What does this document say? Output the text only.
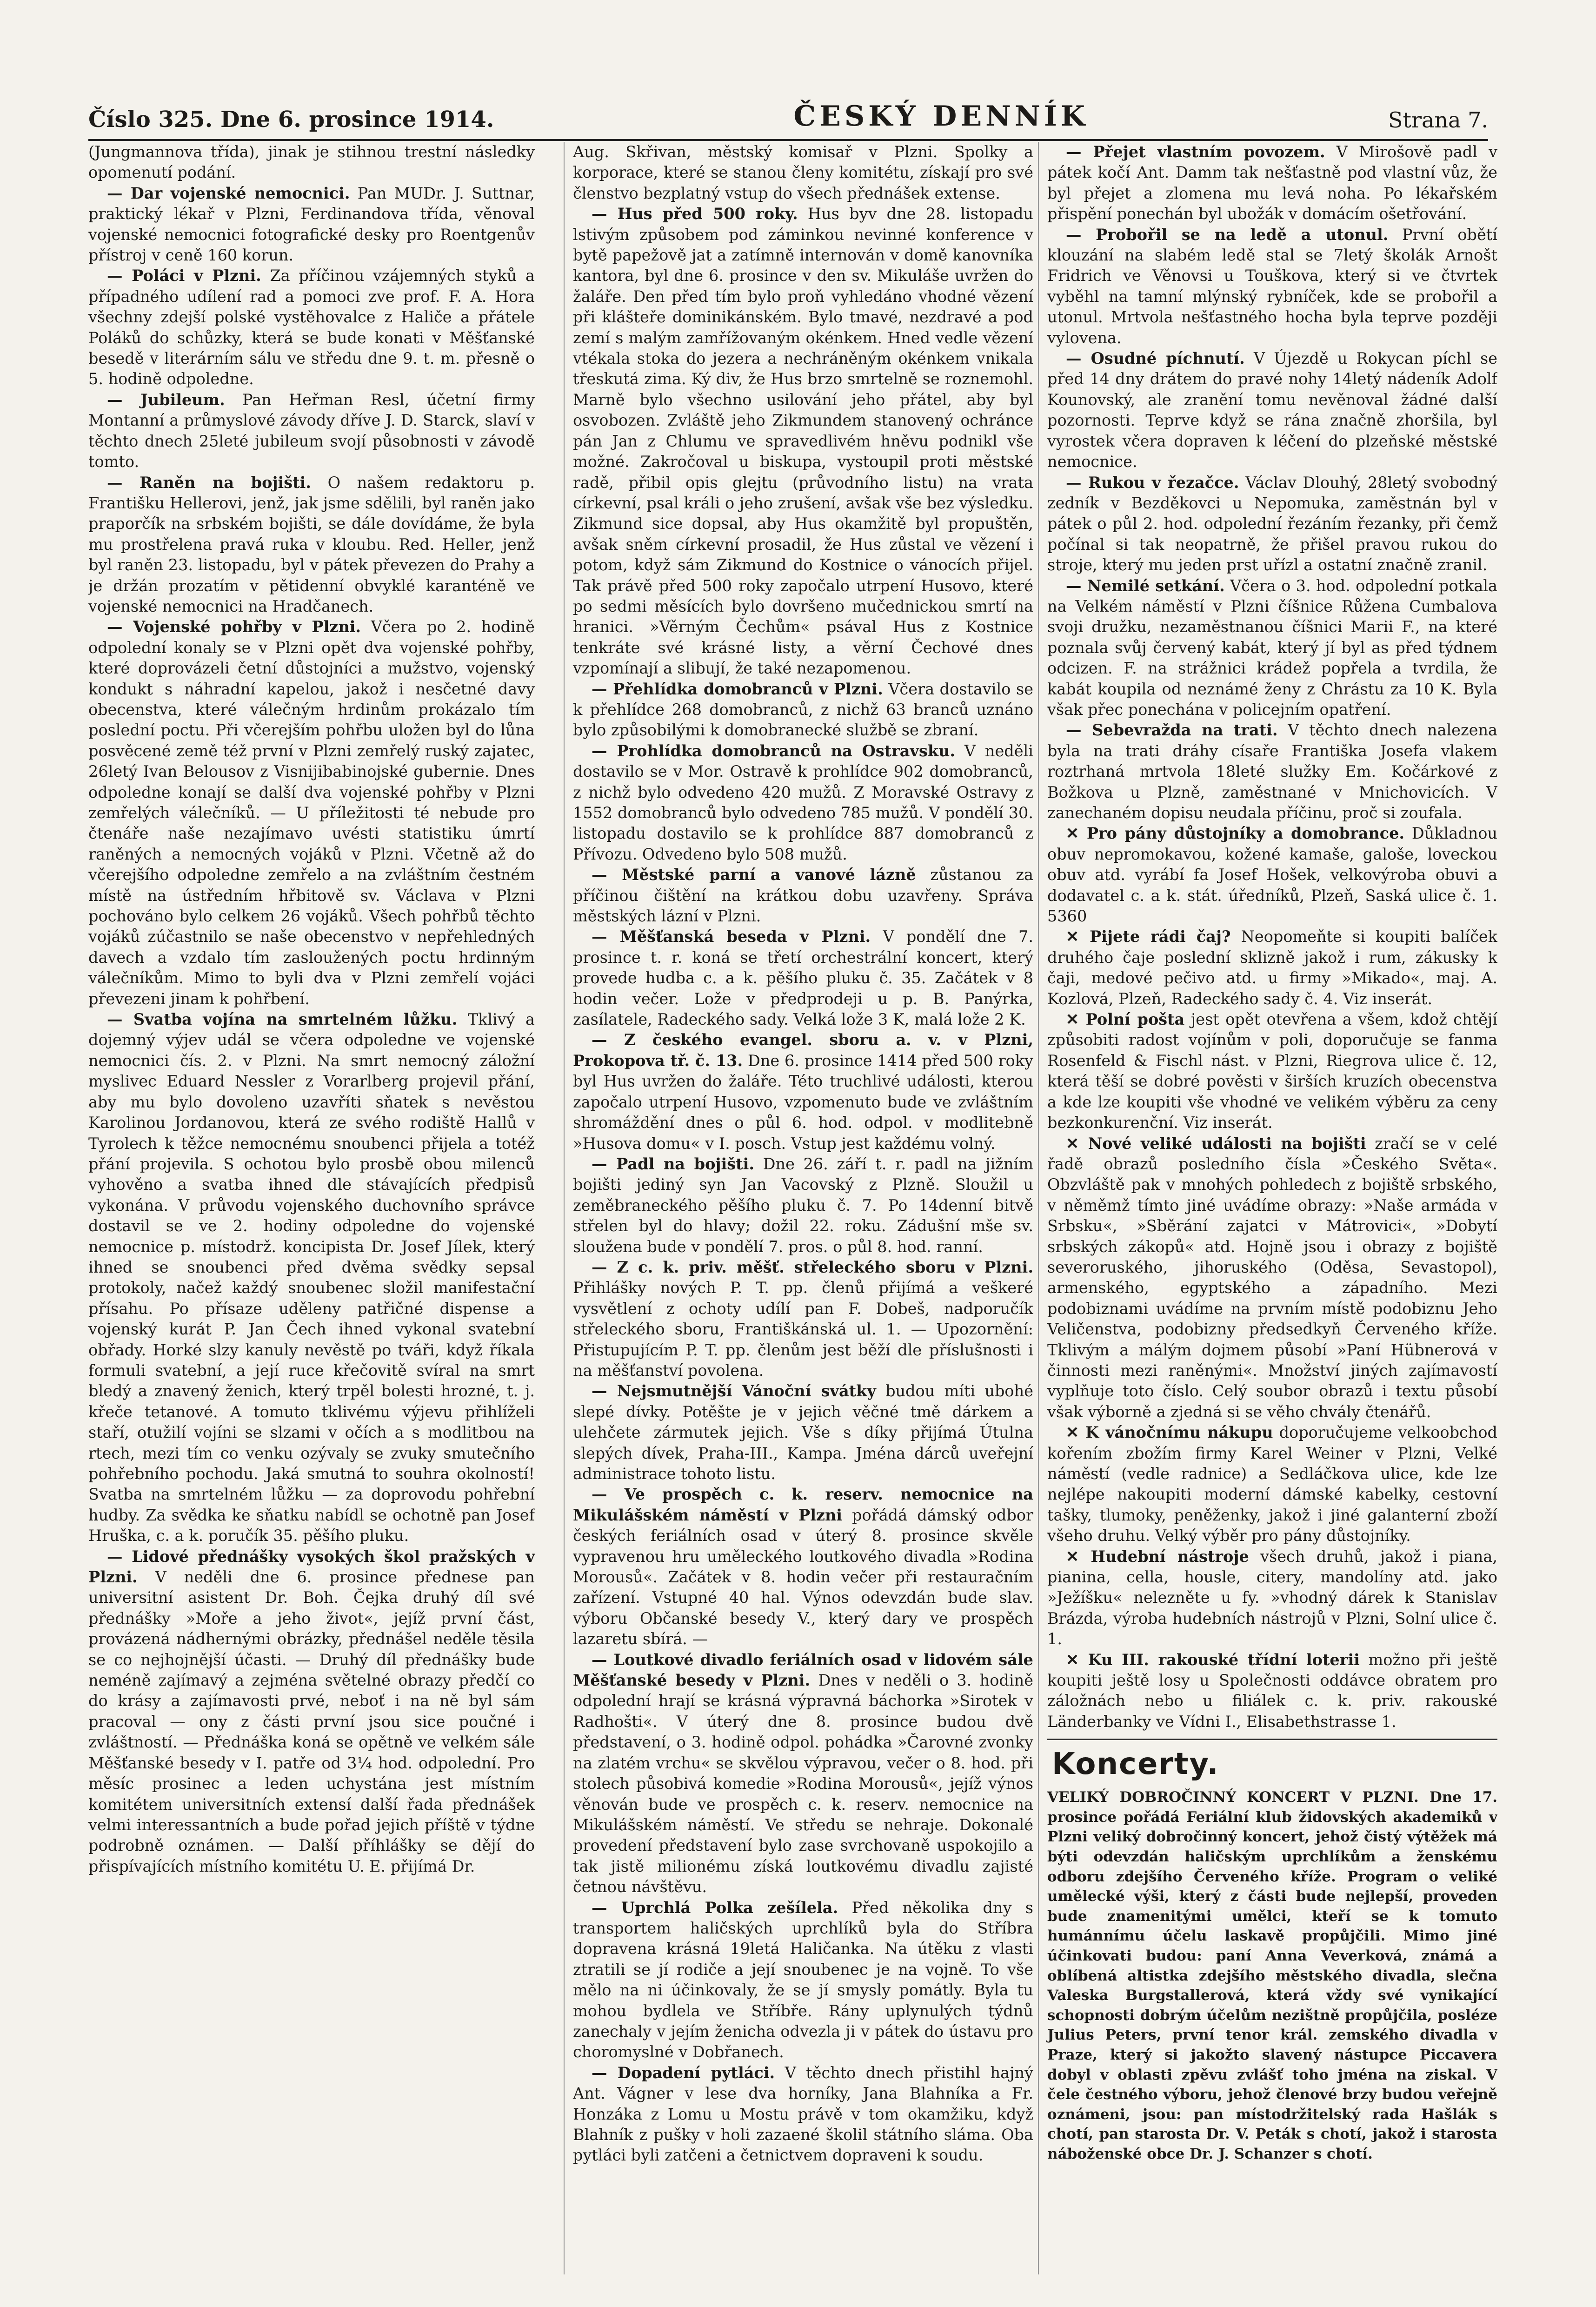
Číslo 325. Dne 6. prosince 1914.	ČESKÝ DENNÍK	Strana 7.

(Jungmannova třída), jinak je stihnou trestní následky opomenutí podání.

— Dar vojenské nemocnici. Pan MUDr. J. Suttnar, praktický lékař v Plzni, Ferdinandova třída, věnoval vojenské nemocnici fotografické desky pro Roentgenův přístroj v ceně 160 korun.

— Poláci v Plzni. Za příčinou vzájemných styků a případného udílení rad a pomoci zve prof. F. A. Hora všechny zdejší polské vystěhovalce z Haliče a přátele Poláků do schůzky, která se bude konati v Měšťanské besedě v literárním sálu ve středu dne 9. t. m. přesně o 5. hodině odpoledne.

— Jubileum. Pan Heřman Resl, účetní firmy Montanní a průmyslové závody dříve J. D. Starck, slaví v těchto dnech 25leté jubileum svojí působnosti v závodě tomto.

— Raněn na bojišti. O našem redaktoru p. Františku Hellerovi, jenž, jak jsme sdělili, byl raněn jako praporčík na srbském bojišti, se dále dovídáme, že byla mu prostřelena pravá ruka v kloubu. Red. Heller, jenž byl raněn 23. listopadu, byl v pátek převezen do Prahy a je držán prozatím v pětidenní obvyklé karanténě ve vojenské nemocnici na Hradčanech.

— Vojenské pohřby v Plzni. Včera po 2. hodině odpolední konaly se v Plzni opět dva vojenské pohřby, které doprovázeli četní důstojníci a mužstvo, vojenský kondukt s náhradní kapelou, jakož i nesčetné davy obecenstva, které válečným hrdinům prokázalo tím poslední poctu. Při včerejším pohřbu uložen byl do lůna posvěcené země též první v Plzni zemřelý ruský zajatec, 26letý Ivan Belousov z Visnijibabinojské gubernie. Dnes odpoledne konají se další dva vojenské pohřby v Plzni zemřelých válečníků. — U příležitosti té nebude pro čtenáře naše nezajímavo uvésti statistiku úmrtí raněných a nemocných vojáků v Plzni. Včetně až do včerejšího odpoledne zemřelo a na zvláštním čestném místě na ústředním hřbitově sv. Václava v Plzni pochováno bylo celkem 26 vojáků. Všech pohřbů těchto vojáků zúčastnilo se naše obecenstvo v nepřehledných davech a vzdalo tím zasloužených poctu hrdinným válečníkům. Mimo to byli dva v Plzni zemřelí vojáci převezeni jinam k pohřbení.

— Svatba vojína na smrtelném lůžku. Tklivý a dojemný výjev udál se včera odpoledne ve vojenské nemocnici čís. 2. v Plzni. Na smrt nemocný záložní myslivec Eduard Nessler z Vorarlberg projevil přání, aby mu bylo dovoleno uzavříti sňatek s nevěstou Karolinou Jordanovou, která ze svého rodiště Hallů v Tyrolech k těžce nemocnému snoubenci přijela a totéž přání projevila. S ochotou bylo prosbě obou milenců vyhověno a svatba ihned dle stávajících předpisů vykonána. V průvodu vojenského duchovního správce dostavil se ve 2. hodiny odpoledne do vojenské nemocnice p. místodrž. koncipista Dr. Josef Jílek, který ihned se snoubenci před dvěma svědky sepsal protokoly, načež každý snoubenec složil manifestační přísahu. Po přísaze uděleny patřičné dispense a vojenský kurát P. Jan Čech ihned vykonal svatební obřady. Horké slzy kanuly nevěstě po tváři, když říkala formuli svatební, a její ruce křečovitě svíral na smrt bledý a znavený ženich, který trpěl bolesti hrozné, t. j. křeče tetanové. A tomuto tklivému výjevu přihlíželi staří, otužilí vojíni se slzami v očích a s modlitbou na rtech, mezi tím co venku ozývaly se zvuky smutečního pohřebního pochodu. Jaká smutná to souhra okolností! Svatba na smrtelném lůžku — za doprovodu pohřební hudby. Za svědka ke sňatku nabídl se ochotně pan Josef Hruška, c. a k. poručík 35. pěšího pluku.

— Lidové přednášky vysokých škol pražských v Plzni. V neděli dne 6. prosince přednese pan universitní asistent Dr. Boh. Čejka druhý díl své přednášky »Moře a jeho život«, jejíž první část, provázená nádhernými obrázky, přednášel neděle těsila se co nejhojnější účasti. — Druhý díl přednášky bude neméně zajímavý a zejména světelné obrazy předčí co do krásy a zajímavosti prvé, neboť i na ně byl sám pracoval — ony z části první jsou sice poučné i zvláštností. — Přednáška koná se opětně ve velkém sále Měšťanské besedy v I. patře od 3¼ hod. odpolední. Pro měsíc prosinec a leden uchystána jest místním komitétem universitních extensí další řada přednášek velmi interessantních a bude pořad jejich příště v týdne podrobně oznámen. — Další příhlášky se dějí do přispívajících místního komitétu U. E. přijímá Dr.

Aug. Skřivan, městský komisař v Plzni. Spolky a korporace, které se stanou členy komitétu, získají pro své členstvo bezplatný vstup do všech přednášek extense.

— Hus před 500 roky. Hus byv dne 28. listopadu lstivým způsobem pod záminkou nevinné konference v bytě papežově jat a zatímně internován v domě kanovníka kantora, byl dne 6. prosince v den sv. Mikuláše uvržen do žaláře. Den před tím bylo proň vyhledáno vhodné vězení při klášteře dominikánském. Bylo tmavé, nezdravé a pod zemí s malým zamřížovaným okénkem. Hned vedle vězení vtékala stoka do jezera a nechráněným okénkem vnikala třeskutá zima. Ký div, že Hus brzo smrtelně se roznemohl. Marně bylo všechno usilování jeho přátel, aby byl osvobozen. Zvláště jeho Zikmundem stanovený ochránce pán Jan z Chlumu ve spravedlivém hněvu podnikl vše možné. Zakročoval u biskupa, vystoupil proti městské radě, přibil opis glejtu (průvodního listu) na vrata církevní, psal králi o jeho zrušení, avšak vše bez výsledku. Zikmund sice dopsal, aby Hus okamžitě byl propuštěn, avšak sněm církevní prosadil, že Hus zůstal ve vězení i potom, když sám Zikmund do Kostnice o vánocích přijel. Tak právě před 500 roky započalo utrpení Husovo, které po sedmi měsících bylo dovršeno mučednickou smrtí na hranici. »Věrným Čechům« psával Hus z Kostnice tenkráte své krásné listy, a věrní Čechové dnes vzpomínají a slibují, že také nezapomenou.

— Přehlídka domobranců v Plzni. Včera dostavilo se k přehlídce 268 domobranců, z nichž 63 branců uznáno bylo způsobilými k domobranecké službě se zbraní.

— Prohlídka domobranců na Ostravsku. V neděli dostavilo se v Mor. Ostravě k prohlídce 902 domobranců, z nichž bylo odvedeno 420 mužů. Z Moravské Ostravy z 1552 domobranců bylo odvedeno 785 mužů. V pondělí 30. listopadu dostavilo se k prohlídce 887 domobranců z Přívozu. Odvedeno bylo 508 mužů.

— Městské parní a vanové lázně zůstanou za příčinou čištění na krátkou dobu uzavřeny. Správa městských lázní v Plzni.

— Měšťanská beseda v Plzni. V pondělí dne 7. prosince t. r. koná se třetí orchestrální koncert, který provede hudba c. a k. pěšího pluku č. 35. Začátek v 8 hodin večer. Lože v předprodeji u p. B. Panýrka, zasílatele, Radeckého sady. Velká lože 3 K, malá lože 2 K.

— Z českého evangel. sboru a. v. v Plzni, Prokopova tř. č. 13. Dne 6. prosince 1414 před 500 roky byl Hus uvržen do žaláře. Této truchlivé události, kterou započalo utrpení Husovo, vzpomenuto bude ve zvláštním shromáždění dnes o půl 6. hod. odpol. v modlitebně »Husova domu« v I. posch. Vstup jest každému volný.

— Padl na bojišti. Dne 26. září t. r. padl na jižním bojišti jediný syn Jan Vacovský z Plzně. Sloužil u zeměbraneckého pěšího pluku č. 7. Po 14denní bitvě střelen byl do hlavy; dožil 22. roku. Zádušní mše sv. sloužena bude v pondělí 7. pros. o půl 8. hod. ranní.

— Z c. k. priv. měšť. střeleckého sboru v Plzni. Přihlášky nových P. T. pp. členů přijímá a veškeré vysvětlení z ochoty udílí pan F. Dobeš, nadporučík střeleckého sboru, Františkánská ul. 1. — Upozornění: Přistupujícím P. T. pp. členům jest běží dle příslušnosti i na měšťanství povolena.

— Nejsmutnější Vánoční svátky budou míti ubohé slepé dívky. Potěšte je v jejich věčné tmě dárkem a ulehčete zármutek jejich. Vše s díky přijímá Útulna slepých dívek, Praha-III., Kampa. Jména dárců uveřejní administrace tohoto listu.

— Ve prospěch c. k. reserv. nemocnice na Mikulášském náměstí v Plzni pořádá dámský odbor českých feriálních osad v úterý 8. prosince skvěle vypravenou hru uměleckého loutkového divadla »Rodina Morousů«. Začátek v 8. hodin večer při restauračním zařízení. Vstupné 40 hal. Výnos odevzdán bude slav. výboru Občanské besedy V., který dary ve prospěch lazaretu sbírá. —

— Loutkové divadlo feriálních osad v lidovém sále Měšťanské besedy v Plzni. Dnes v neděli o 3. hodině odpolední hrají se krásná výpravná báchorka »Sirotek v Radhošti«. V úterý dne 8. prosince budou dvě představení, o 3. hodině odpol. pohádka »Čarovné zvonky na zlatém vrchu« se skvělou výpravou, večer o 8. hod. při stolech působivá komedie »Rodina Morousů«, jejíž výnos věnován bude ve prospěch c. k. reserv. nemocnice na Mikulášském náměstí. Ve středu se nehraje. Dokonalé provedení představení bylo zase svrchovaně uspokojilo a tak jistě milionému získá loutkovému divadlu zajisté četnou návštěvu.

— Uprchlá Polka zešílela. Před několika dny s transportem haličských uprchlíků byla do Stříbra dopravena krásná 19letá Haličanka. Na útěku z vlasti ztratili se jí rodiče a její snoubenec je na vojně. To vše mělo na ni účinkovaly, že se jí smysly pomátly. Byla tu mohou bydlela ve Stříbře. Rány uplynulých týdnů zanechaly v jejím ženicha odvezla ji v pátek do ústavu pro choromyslné v Dobřanech.

— Dopadení pytláci. V těchto dnech přistihl hajný Ant. Vágner v lese dva horníky, Jana Blahníka a Fr. Honzáka z Lomu u Mostu právě v tom okamžiku, když Blahník z pušky v holi zazaené školil státního sláma. Oba pytláci byli zatčeni a četnictvem dopraveni k soudu.

— Přejet vlastním povozem. V Mirošově padl v pátek kočí Ant. Damm tak nešťastně pod vlastní vůz, že byl přejet a zlomena mu levá noha. Po lékařském přispění ponechán byl ubožák v domácím ošetřování.

— Probořil se na ledě a utonul. První obětí klouzání na slabém ledě stal se 7letý školák Arnošt Fridrich ve Věnovsi u Touškova, který si ve čtvrtek vyběhl na tamní mlýnský rybníček, kde se probořil a utonul. Mrtvola nešťastného hocha byla teprve později vylovena.

— Osudné píchnutí. V Újezdě u Rokycan píchl se před 14 dny drátem do pravé nohy 14letý nádeník Adolf Kounovský, ale zranění tomu nevěnoval žádné další pozornosti. Teprve když se rána značně zhoršila, byl vyrostek včera dopraven k léčení do plzeňské městské nemocnice.

— Rukou v řezačce. Václav Dlouhý, 28letý svobodný zedník v Bezděkovci u Nepomuka, zaměstnán byl v pátek o půl 2. hod. odpolední řezáním řezanky, při čemž počínal si tak neopatrně, že přišel pravou rukou do stroje, který mu jeden prst uřízl a ostatní značně zranil.

— Nemilé setkání. Včera o 3. hod. odpolední potkala na Velkém náměstí v Plzni číšnice Růžena Cumbalova svoji družku, nezaměstnanou číšnici Marii F., na které poznala svůj červený kabát, který jí byl as před týdnem odcizen. F. na strážnici krádež popřela a tvrdila, že kabát koupila od neznámé ženy z Chrástu za 10 K. Byla však přec ponechána v policejním opatření.

— Sebevražda na trati. V těchto dnech nalezena byla na trati dráhy císaře Františka Josefa vlakem roztrhaná mrtvola 18leté služky Em. Kočárkové z Božkova u Plzně, zaměstnané v Mnichovicích. V zanechaném dopisu neudala příčinu, proč si zoufala.

✕ Pro pány důstojníky a domobrance. Důkladnou obuv nepromokavou, kožené kamaše, galoše, loveckou obuv atd. vyrábí fa Josef Hošek, velkovýroba obuvi a dodavatel c. a k. stát. úředníků, Plzeň, Saská ulice č. 1. 5360

✕ Pijete rádi čaj? Neopomeňte si koupiti balíček druhého čaje poslední sklizně jakož i rum, zákusky k čaji, medové pečivo atd. u firmy »Mikado«, maj. A. Kozlová, Plzeň, Radeckého sady č. 4. Viz inserát.

✕ Polní pošta jest opět otevřena a všem, kdož chtějí způsobiti radost vojínům v poli, doporučuje se fanma Rosenfeld & Fischl nást. v Plzni, Riegrova ulice č. 12, která těší se dobré pověsti v širších kruzích obecenstva a kde lze koupiti vše vhodné ve velikém výběru za ceny bezkonkurenční. Viz inserát.

✕ Nové veliké události na bojišti zračí se v celé řadě obrazů posledního čísla »Českého Světa«. Obzvláště pak v mnohých pohledech z bojiště srbského, v něměmž tímto jiné uvádíme obrazy: »Naše armáda v Srbsku«, »Sběrání zajatci v Mátrovici«, »Dobytí srbských zákopů« atd. Hojně jsou i obrazy z bojiště severoruského, jihoruského (Oděsa, Sevastopol), armenského, egyptského a západního. Mezi podobiznami uvádíme na prvním místě podobiznu Jeho Veličenstva, podobizny předsedkyň Červeného kříže. Tklivým a málým dojmem působí »Paní Hübnerová v činnosti mezi raněnými«. Množství jiných zajímavostí vyplňuje toto číslo. Celý soubor obrazů i textu působí však výborně a zjedná si se věho chvály čtenářů.

✕ K vánočnímu nákupu doporučujeme velkoobchod kořením zbožím firmy Karel Weiner v Plzni, Velké náměstí (vedle radnice) a Sedláčkova ulice, kde lze nejlépe nakoupiti moderní dámské kabelky, cestovní tašky, tlumoky, peněženky, jakož i jiné galanterní zboží všeho druhu. Velký výběr pro pány důstojníky.

✕ Hudební nástroje všech druhů, jakož i piana, pianina, cella, housle, citery, mandolíny atd. jako »Ježíšku« nelezněte u fy. »vhodný dárek k Stanislav Brázda, výroba hudebních nástrojů v Plzni, Solní ulice č. 1.

✕ Ku III. rakouské třídní loterii možno při ještě koupiti ještě losy u Společnosti oddávce obratem pro záložnách nebo u filiálek c. k. priv. rakouské Länderbanky ve Vídni I., Elisabethstrasse 1.

Koncerty.

VELIKÝ DOBROČINNÝ KONCERT V PLZNI. Dne 17. prosince pořádá Feriální klub židovských akademiků v Plzni veliký dobročinný koncert, jehož čistý výtěžek má býti odevzdán haličským uprchlíkům a ženskému odboru zdejšího Červeného kříže. Program o veliké umělecké výši, který z části bude nejlepší, proveden bude znamenitými umělci, kteří se k tomuto humánnímu účelu laskavě propůjčili. Mimo jiné účinkovati budou: paní Anna Veverková, známá a oblíbená altistka zdejšího městského divadla, slečna Valeska Burgstallerová, která vždy své vynikající schopnosti dobrým účelům nezištně propůjčila, posléze Julius Peters, první tenor král. zemského divadla v Praze, který si jakožto slavený nástupce Piccavera dobyl v oblasti zpěvu zvlášť toho jména na ziskal. V čele čestného výboru, jehož členové brzy budou veřejně oznámeni, jsou: pan místodržitelský rada Hašlák s chotí, pan starosta Dr. V. Peták s chotí, jakož i starosta náboženské obce Dr. J. Schanzer s chotí.
